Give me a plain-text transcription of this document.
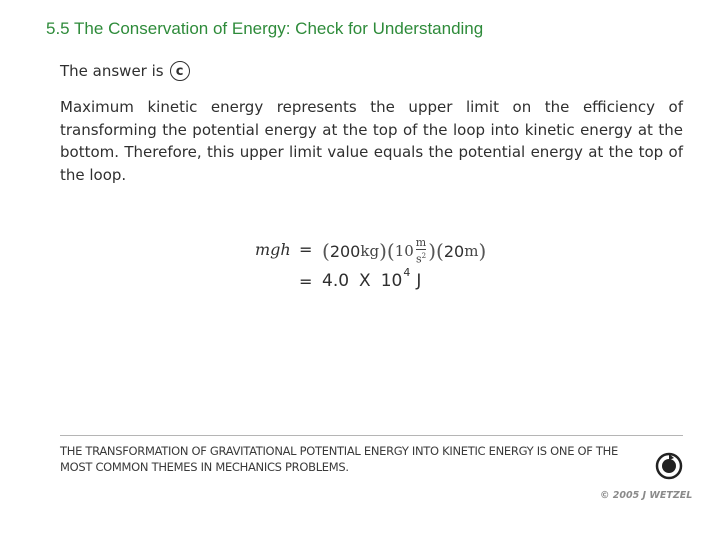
5.5 The Conservation of Energy: Check for Understanding
The answer is c

Maximum kinetic energy represents the upper limit on the efficiency of transforming the potential energy at the top of the loop into kinetic energy at the bottom. Therefore, this upper limit value equals the potential energy at the top of the loop.

mgh = ( 200 kg ) ( $10 \frac{m}{s^2}$ ) ( 20 m )
= 4.0 X 10 4 J

THE TRANSFORMATION OF GRAVITATIONAL POTENTIAL ENERGY INTO KINETIC ENERGY IS ONE OF THE MOST COMMON THEMES IN MECHANICS PROBLEMS.

© 2005 J WETZEL
